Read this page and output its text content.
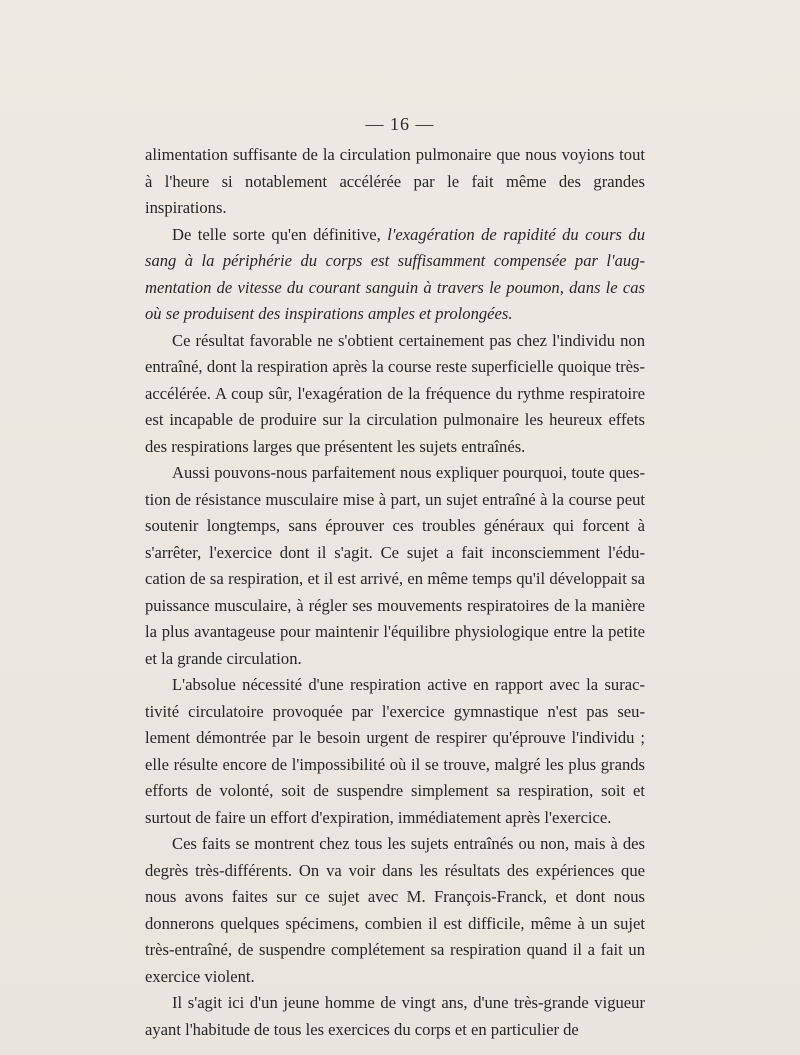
— 16 —

alimentation suffisante de la circulation pulmonaire que nous voyions tout à l'heure si notablement accélérée par le fait même des grandes inspirations.

De telle sorte qu'en définitive, l'exagération de rapidité du cours du sang à la périphérie du corps est suffisamment compensée par l'aug-mentation de vitesse du courant sanguin à travers le poumon, dans le cas où se produisent des inspirations amples et prolongées.

Ce résultat favorable ne s'obtient certainement pas chez l'individu non entraîné, dont la respiration après la course reste superficielle quoique très-accélérée. A coup sûr, l'exagération de la fréquence du rythme respiratoire est incapable de produire sur la circulation pulmonaire les heureux effets des respirations larges que présentent les sujets entraînés.

Aussi pouvons-nous parfaitement nous expliquer pourquoi, toute ques-tion de résistance musculaire mise à part, un sujet entraîné à la course peut soutenir longtemps, sans éprouver ces troubles généraux qui forcent à s'arrêter, l'exercice dont il s'agit. Ce sujet a fait inconsciemment l'édu-cation de sa respiration, et il est arrivé, en même temps qu'il développait sa puissance musculaire, à régler ses mouvements respiratoires de la manière la plus avantageuse pour maintenir l'équilibre physiologique entre la petite et la grande circulation.

L'absolue nécessité d'une respiration active en rapport avec la surac-tivité circulatoire provoquée par l'exercice gymnastique n'est pas seu-lement démontrée par le besoin urgent de respirer qu'éprouve l'individu ; elle résulte encore de l'impossibilité où il se trouve, malgré les plus grands efforts de volonté, soit de suspendre simplement sa respiration, soit et surtout de faire un effort d'expiration, immédiatement après l'exercice.

Ces faits se montrent chez tous les sujets entraînés ou non, mais à des degrès très-différents. On va voir dans les résultats des expériences que nous avons faites sur ce sujet avec M. François-Franck, et dont nous donnerons quelques spécimens, combien il est difficile, même à un sujet très-entraîné, de suspendre complétement sa respiration quand il a fait un exercice violent.

Il s'agit ici d'un jeune homme de vingt ans, d'une très-grande vigueur ayant l'habitude de tous les exercices du corps et en particulier de
